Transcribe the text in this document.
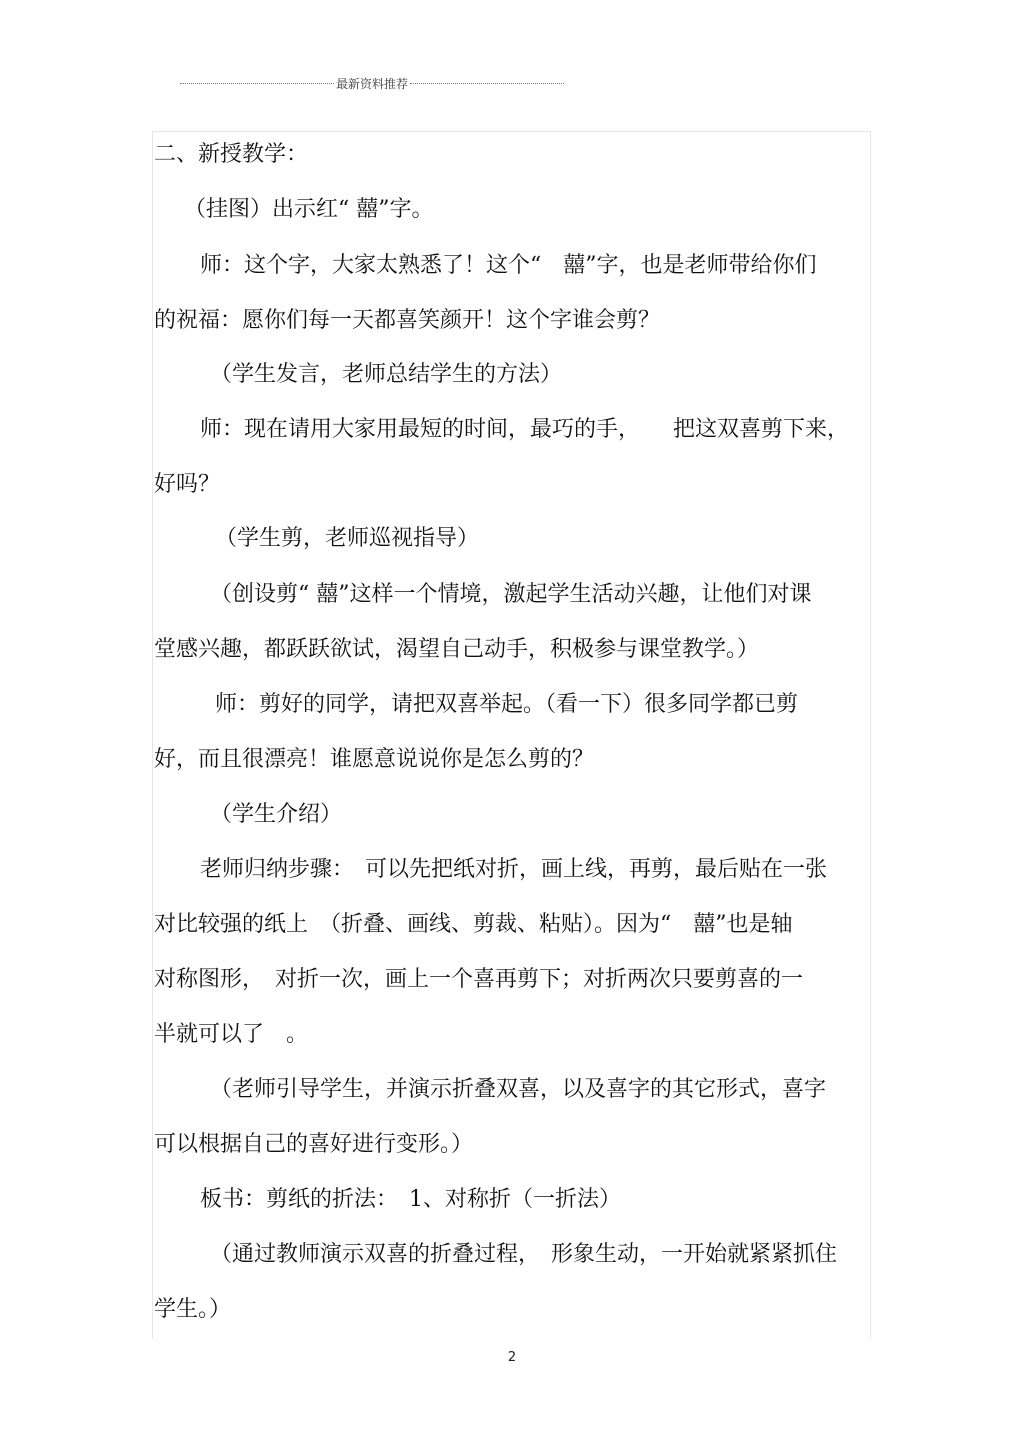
最新资料推荐
二、新授教学：
（挂图）出示红“ 囍”字。
师：这个字，大家太熟悉了！这个“　囍”字，也是老师带给你们
的祝福：愿你们每一天都喜笑颜开！这个字谁会剪？
（学生发言，老师总结学生的方法）
师：现在请用大家用最短的时间，最巧的手，　　把这双喜剪下来，
好吗？
（学生剪，老师巡视指导）
（创设剪“ 囍”这样一个情境，激起学生活动兴趣，让他们对课
堂感兴趣，都跃跃欲试，渴望自己动手，积极参与课堂教学。）
师：剪好的同学，请把双喜举起。（看一下）很多同学都已剪
好，而且很漂亮！谁愿意说说你是怎么剪的？
（学生介绍）
老师归纳步骤：　可以先把纸对折，画上线，再剪，最后贴在一张
对比较强的纸上　（折叠、画线、剪裁、粘贴）。因为“　囍”也是轴
对称图形，　对折一次，画上一个喜再剪下；对折两次只要剪喜的一
半就可以了　。
（老师引导学生，并演示折叠双喜，以及喜字的其它形式，喜字
可以根据自己的喜好进行变形。）
板书：剪纸的折法：　1、对称折（一折法）
（通过教师演示双喜的折叠过程，　形象生动，一开始就紧紧抓住
学生。）
2
